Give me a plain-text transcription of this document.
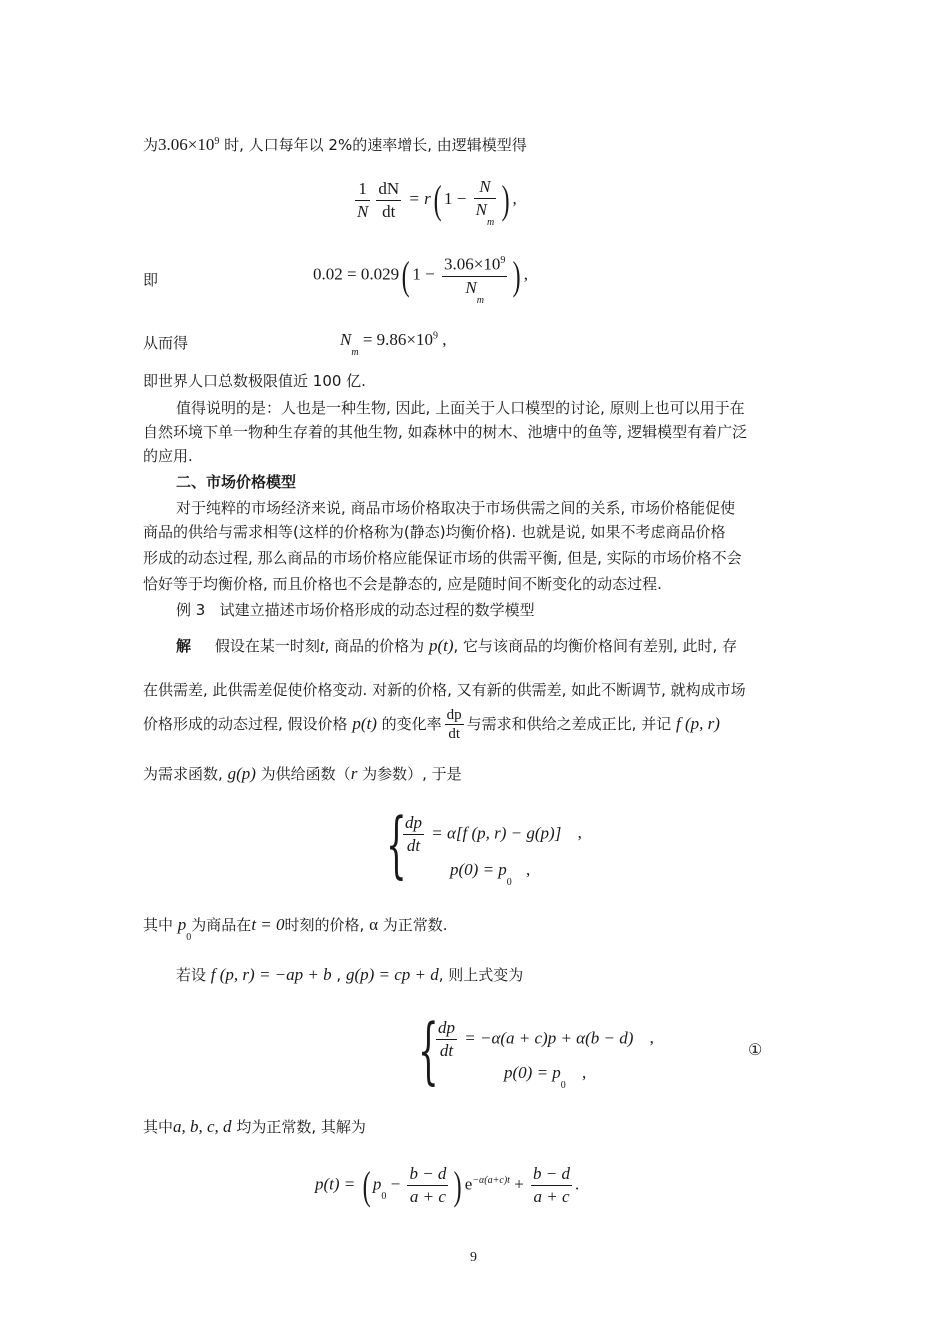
为$3.06\times 10^9$ 时, 人口每年以 2%的速率增长, 由逻辑模型得
$\frac{1}{N} \frac{dN}{dt} = r$( $1 - \frac{N}{N_m}$ ) ,
即	0.02 = 0.029( $1 - \frac{3.06\times 10^9}{N_m}$ ) ,
从而得	$N_m = 9.86\times 10^9$ ,
即世界人口总数极限值近 100 亿.
值得说明的是：人也是一种生物, 因此, 上面关于人口模型的讨论, 原则上也可以用于在
自然环境下单一物种生存着的其他生物, 如森林中的树木、池塘中的鱼等, 逻辑模型有着广泛
的应用.
二、市场价格模型
对于纯粹的市场经济来说, 商品市场价格取决于市场供需之间的关系, 市场价格能促使
商品的供给与需求相等(这样的价格称为(静态)均衡价格). 也就是说, 如果不考虑商品价格
形成的动态过程, 那么商品的市场价格应能保证市场的供需平衡, 但是, 实际的市场价格不会
恰好等于均衡价格, 而且价格也不会是静态的, 应是随时间不断变化的动态过程.
例 3 试建立描述市场价格形成的动态过程的数学模型
解 假设在某一时刻t, 商品的价格为 p(t), 它与该商品的均衡价格间有差别, 此时, 存
在供需差, 此供需差促使价格变动. 对新的价格, 又有新的供需差, 如此不断调节, 就构成市场
价格形成的动态过程, 假设价格 p(t) 的变化率 $\frac{dp}{dt}$ 与需求和供给之差成正比, 并记 f (p, r)
为需求函数, g(p) 为供给函数（r 为参数）, 于是
{
$\frac{dp}{dt} = \alpha[f$ (p, r) − g(p)] ,
$p(0) = p_0$ ,
其中 $p_0$为商品在t = 0时刻的价格, α 为正常数.
若设 f (p, r) = −ap + b , g(p) = cp + d, 则上式变为
{
$\frac{dp}{dt} = -\alpha(a + c)p + \alpha(b - d)$ ,
$p(0) = p_0$ ,
①
其中a, b, c, d 均为正常数, 其解为
p(t) = ( $p_0 - \frac{b - d}{a + c}$ ) $e^{-\alpha(a+c)t} + \frac{b - d}{a + c}$ .
9
